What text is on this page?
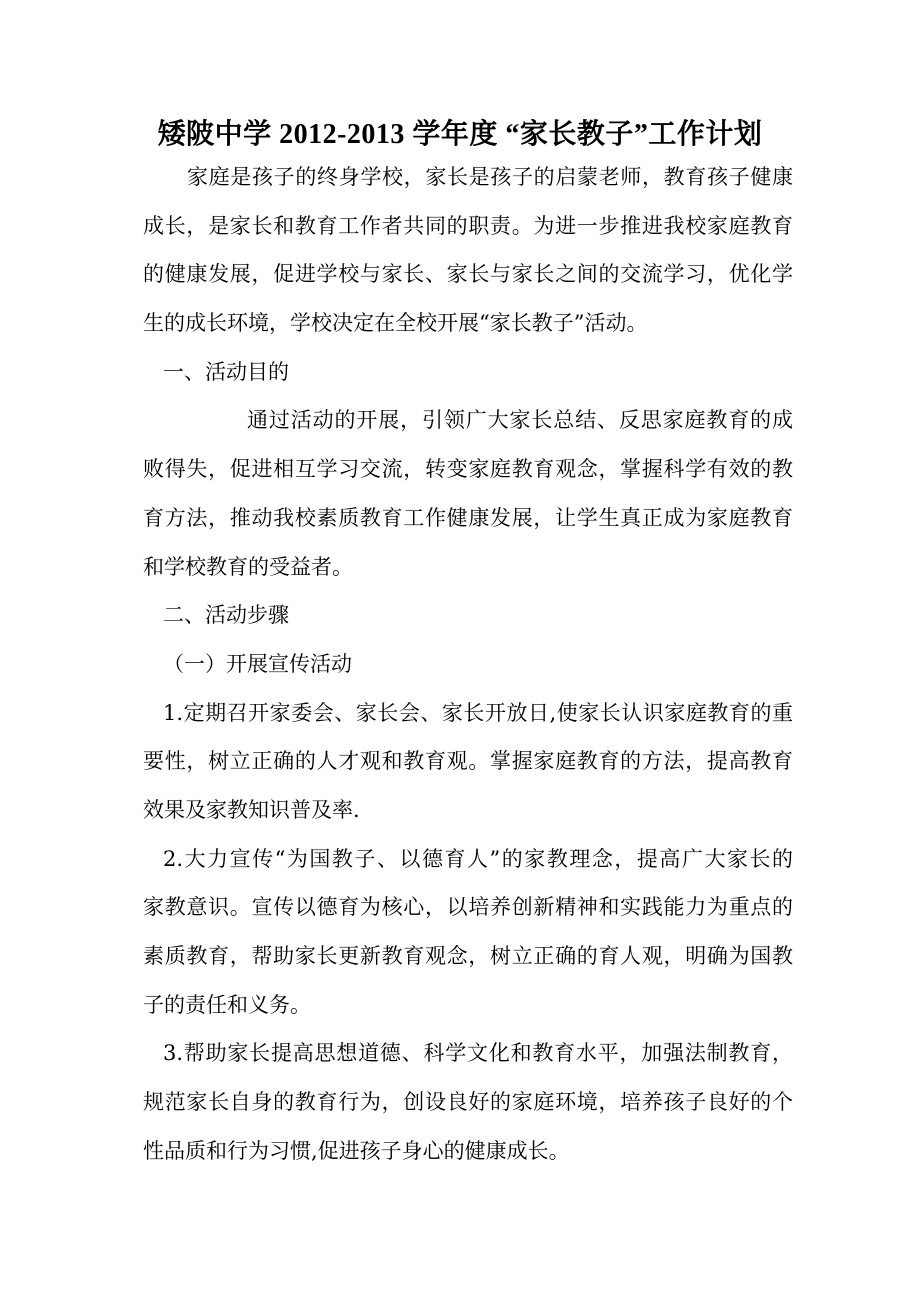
矮陂中学 2012-2013 学年度 “家长教子”工作计划
家庭是孩子的终身学校，家长是孩子的启蒙老师，教育孩子健康
成长，是家长和教育工作者共同的职责。为进一步推进我校家庭教育
的健康发展，促进学校与家长、家长与家长之间的交流学习，优化学
生的成长环境，学校决定在全校开展“家长教子”活动。
一、活动目的
通过活动的开展，引领广大家长总结、反思家庭教育的成
败得失，促进相互学习交流，转变家庭教育观念，掌握科学有效的教
育方法，推动我校素质教育工作健康发展，让学生真正成为家庭教育
和学校教育的受益者。
二、活动步骤
（一）开展宣传活动
1.定期召开家委会、家长会、家长开放日,使家长认识家庭教育的重
要性，树立正确的人才观和教育观。掌握家庭教育的方法，提高教育
效果及家教知识普及率.
2.大力宣传“为国教子、以德育人”的家教理念，提高广大家长的
家教意识。宣传以德育为核心，以培养创新精神和实践能力为重点的
素质教育，帮助家长更新教育观念，树立正确的育人观，明确为国教
子的责任和义务。
3.帮助家长提高思想道德、科学文化和教育水平，加强法制教育，
规范家长自身的教育行为，创设良好的家庭环境，培养孩子良好的个
性品质和行为习惯,促进孩子身心的健康成长。
